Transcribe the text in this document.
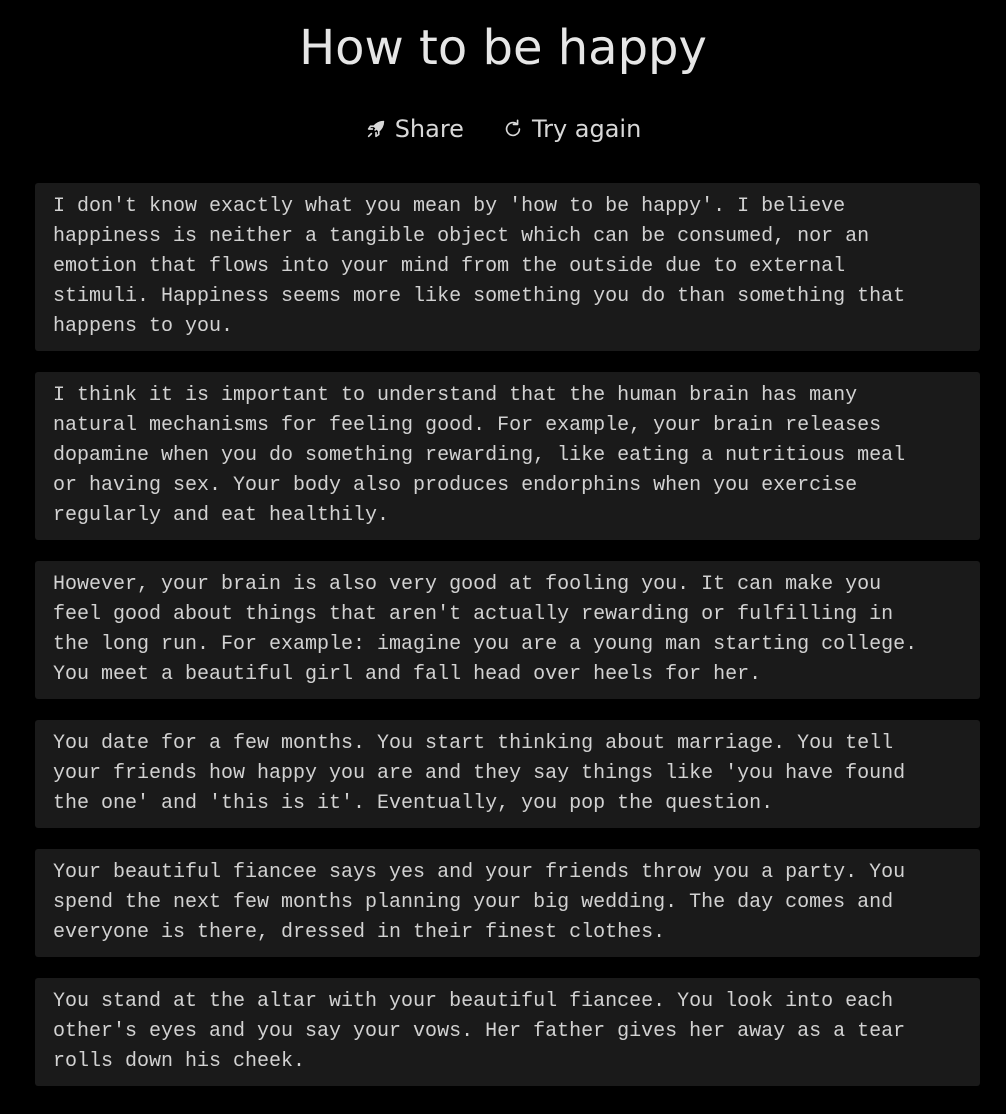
How to be happy
Share	Try again
I don't know exactly what you mean by 'how to be happy'. I believe
happiness is neither a tangible object which can be consumed, nor an
emotion that flows into your mind from the outside due to external
stimuli. Happiness seems more like something you do than something that
happens to you.
I think it is important to understand that the human brain has many
natural mechanisms for feeling good. For example, your brain releases
dopamine when you do something rewarding, like eating a nutritious meal
or having sex. Your body also produces endorphins when you exercise
regularly and eat healthily.
However, your brain is also very good at fooling you. It can make you
feel good about things that aren't actually rewarding or fulfilling in
the long run. For example: imagine you are a young man starting college.
You meet a beautiful girl and fall head over heels for her.
You date for a few months. You start thinking about marriage. You tell
your friends how happy you are and they say things like 'you have found
the one' and 'this is it'. Eventually, you pop the question.
Your beautiful fiancee says yes and your friends throw you a party. You
spend the next few months planning your big wedding. The day comes and
everyone is there, dressed in their finest clothes.
You stand at the altar with your beautiful fiancee. You look into each
other's eyes and you say your vows. Her father gives her away as a tear
rolls down his cheek.
